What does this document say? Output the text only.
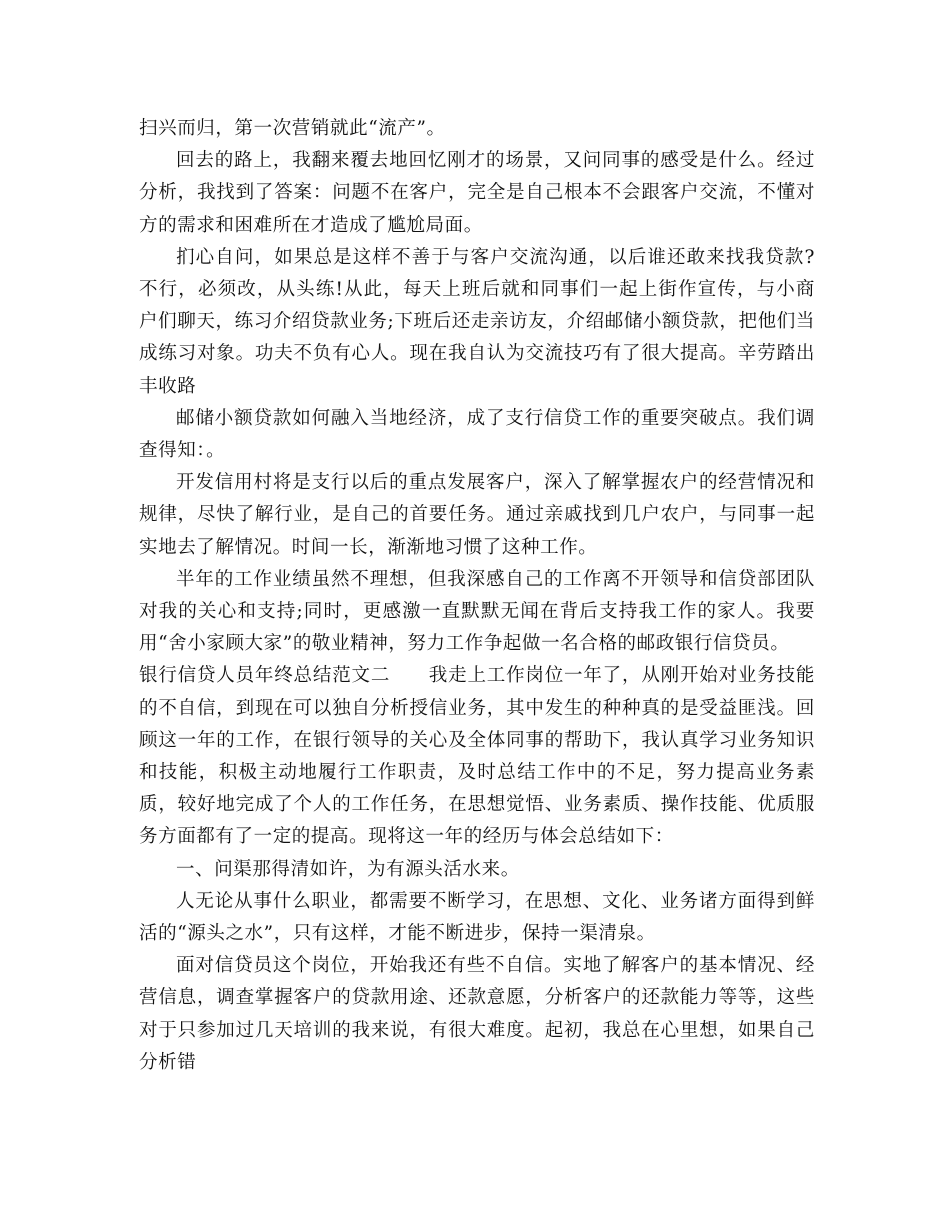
扫兴而归，第一次营销就此“流产”。

回去的路上，我翻来覆去地回忆刚才的场景，又问同事的感受是什么。经过分析，我找到了答案：问题不在客户，完全是自己根本不会跟客户交流，不懂对方的需求和困难所在才造成了尴尬局面。

扪心自问，如果总是这样不善于与客户交流沟通，以后谁还敢来找我贷款?不行，必须改，从头练!从此，每天上班后就和同事们一起上街作宣传，与小商户们聊天，练习介绍贷款业务;下班后还走亲访友，介绍邮储小额贷款，把他们当成练习对象。功夫不负有心人。现在我自认为交流技巧有了很大提高。辛劳踏出丰收路

邮储小额贷款如何融入当地经济，成了支行信贷工作的重要突破点。我们调查得知：。

开发信用村将是支行以后的重点发展客户，深入了解掌握农户的经营情况和规律，尽快了解行业，是自己的首要任务。通过亲戚找到几户农户，与同事一起实地去了解情况。时间一长，渐渐地习惯了这种工作。

半年的工作业绩虽然不理想，但我深感自己的工作离不开领导和信贷部团队对我的关心和支持;同时，更感激一直默默无闻在背后支持我工作的家人。我要用“舍小家顾大家”的敬业精神，努力工作争起做一名合格的邮政银行信贷员。

银行信贷人员年终总结范文二　　我走上工作岗位一年了，从刚开始对业务技能的不自信，到现在可以独自分析授信业务，其中发生的种种真的是受益匪浅。回顾这一年的工作，在银行领导的关心及全体同事的帮助下，我认真学习业务知识和技能，积极主动地履行工作职责，及时总结工作中的不足，努力提高业务素质，较好地完成了个人的工作任务，在思想觉悟、业务素质、操作技能、优质服务方面都有了一定的提高。现将这一年的经历与体会总结如下：

一、问渠那得清如许，为有源头活水来。

人无论从事什么职业，都需要不断学习，在思想、文化、业务诸方面得到鲜活的“源头之水”，只有这样，才能不断进步，保持一渠清泉。

面对信贷员这个岗位，开始我还有些不自信。实地了解客户的基本情况、经营信息，调查掌握客户的贷款用途、还款意愿，分析客户的还款能力等等，这些对于只参加过几天培训的我来说，有很大难度。起初，我总在心里想，如果自己分析错
